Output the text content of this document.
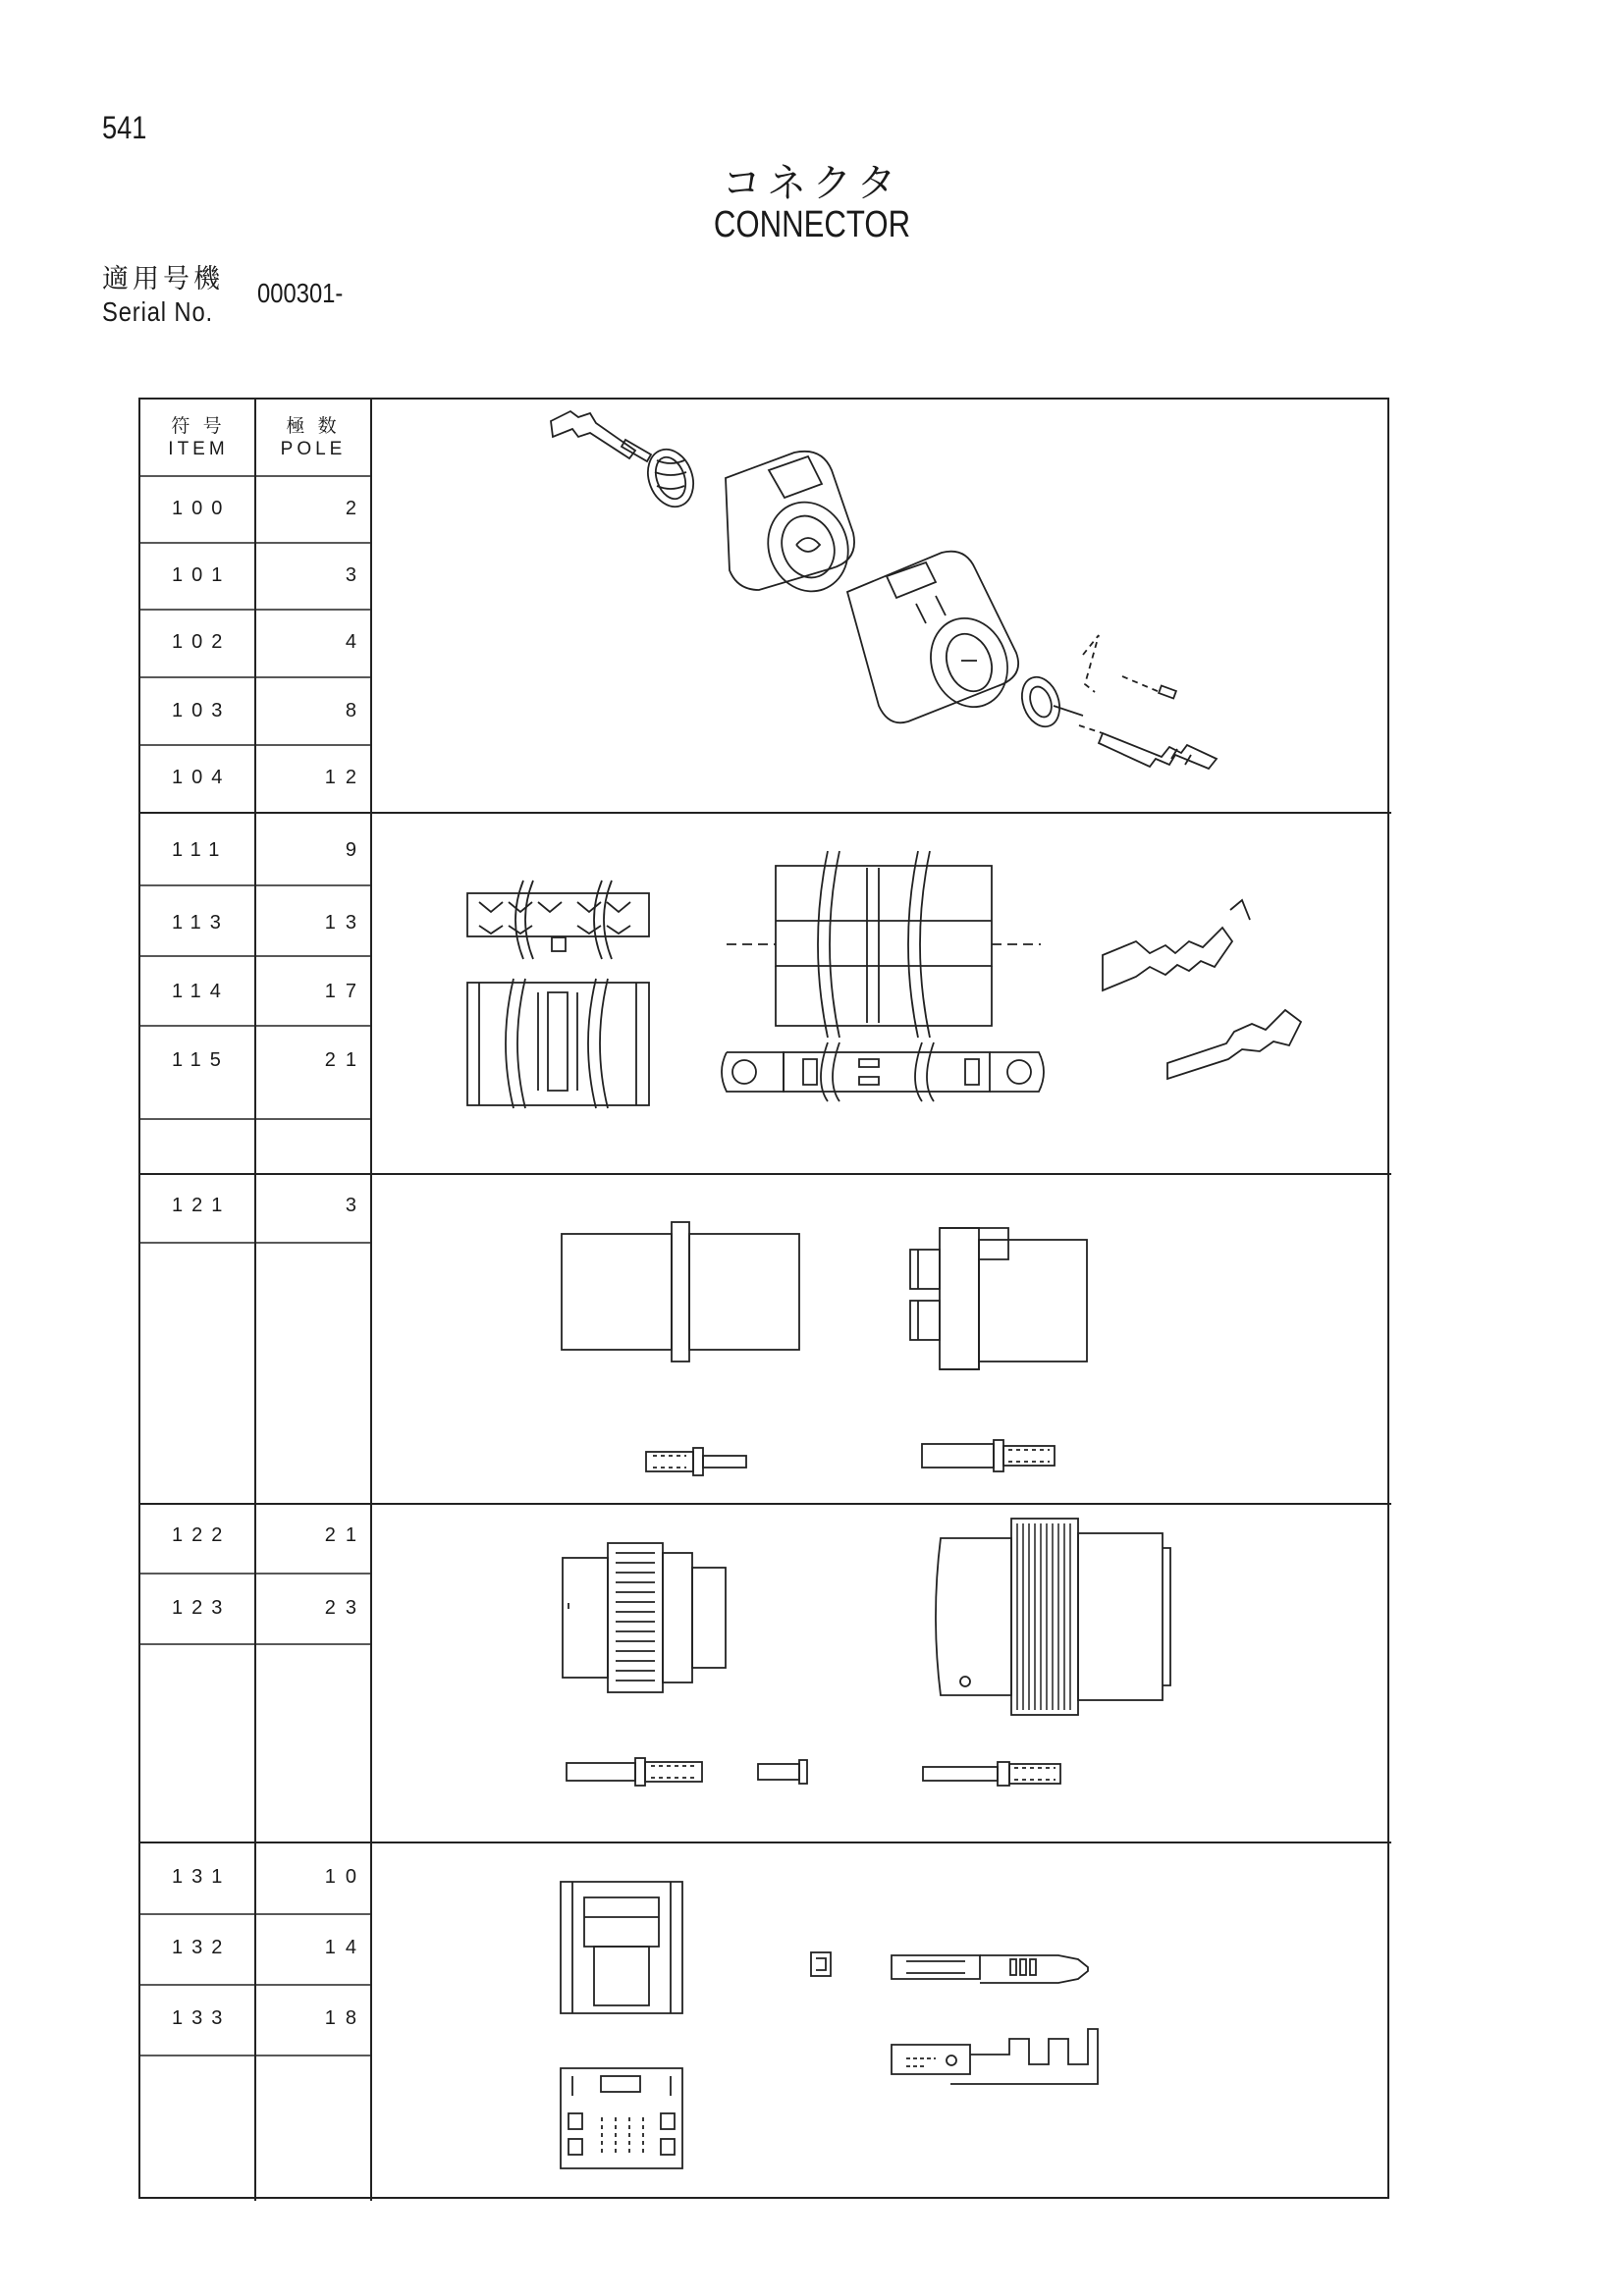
541
コネクタ
CONNECTOR
適用号機
Serial No.
000301-
符 号
ITEM
極 数
POLE
100	2
101	3
102	4
103	8
104	12
111	9
113	13
114	17
115	21
121	3
122	21
123	23
131	10
132	14
133	18
